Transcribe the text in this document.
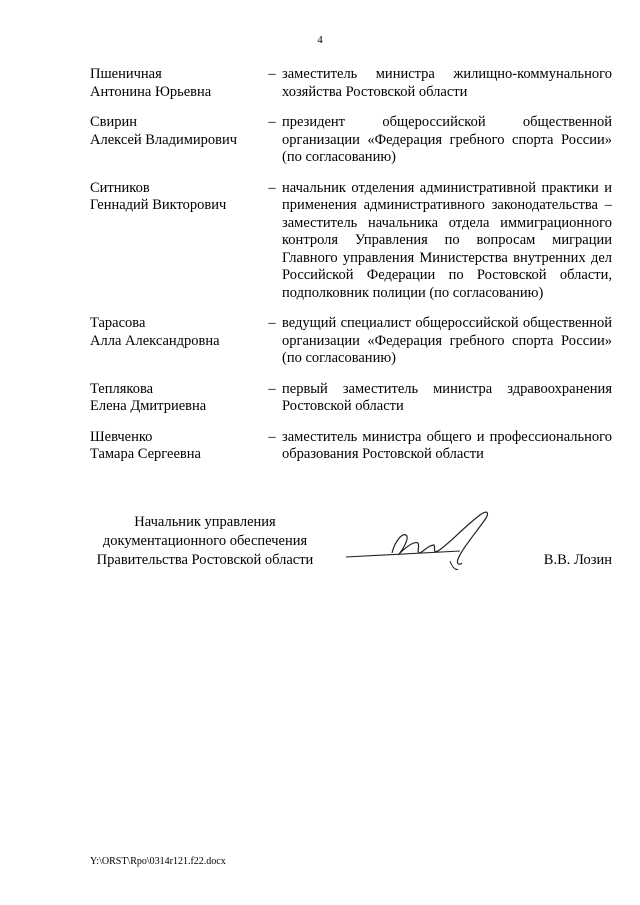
4
Пшеничная
Антонина Юрьевна
– заместитель министра жилищно-коммунального хозяйства Ростовской области
Свирин
Алексей Владимирович
– президент общероссийской общественной организации «Федерация гребного спорта России» (по согласованию)
Ситников
Геннадий Викторович
– начальник отделения административной практики и применения административного законодательства – заместитель начальника отдела иммиграционного контроля Управления по вопросам миграции Главного управления Министерства внутренних дел Российской Федерации по Ростовской области, подполковник полиции (по согласованию)
Тарасова
Алла Александровна
– ведущий специалист общероссийской общественной организации «Федерация гребного спорта России» (по согласованию)
Теплякова
Елена Дмитриевна
– первый заместитель министра здравоохранения Ростовской области
Шевченко
Тамара Сергеевна
– заместитель министра общего и профессионального образования Ростовской области
Начальник управления
документационного обеспечения
Правительства Ростовской области	В.В. Лозин
Y:\ORST\Rpo\0314r121.f22.docx
